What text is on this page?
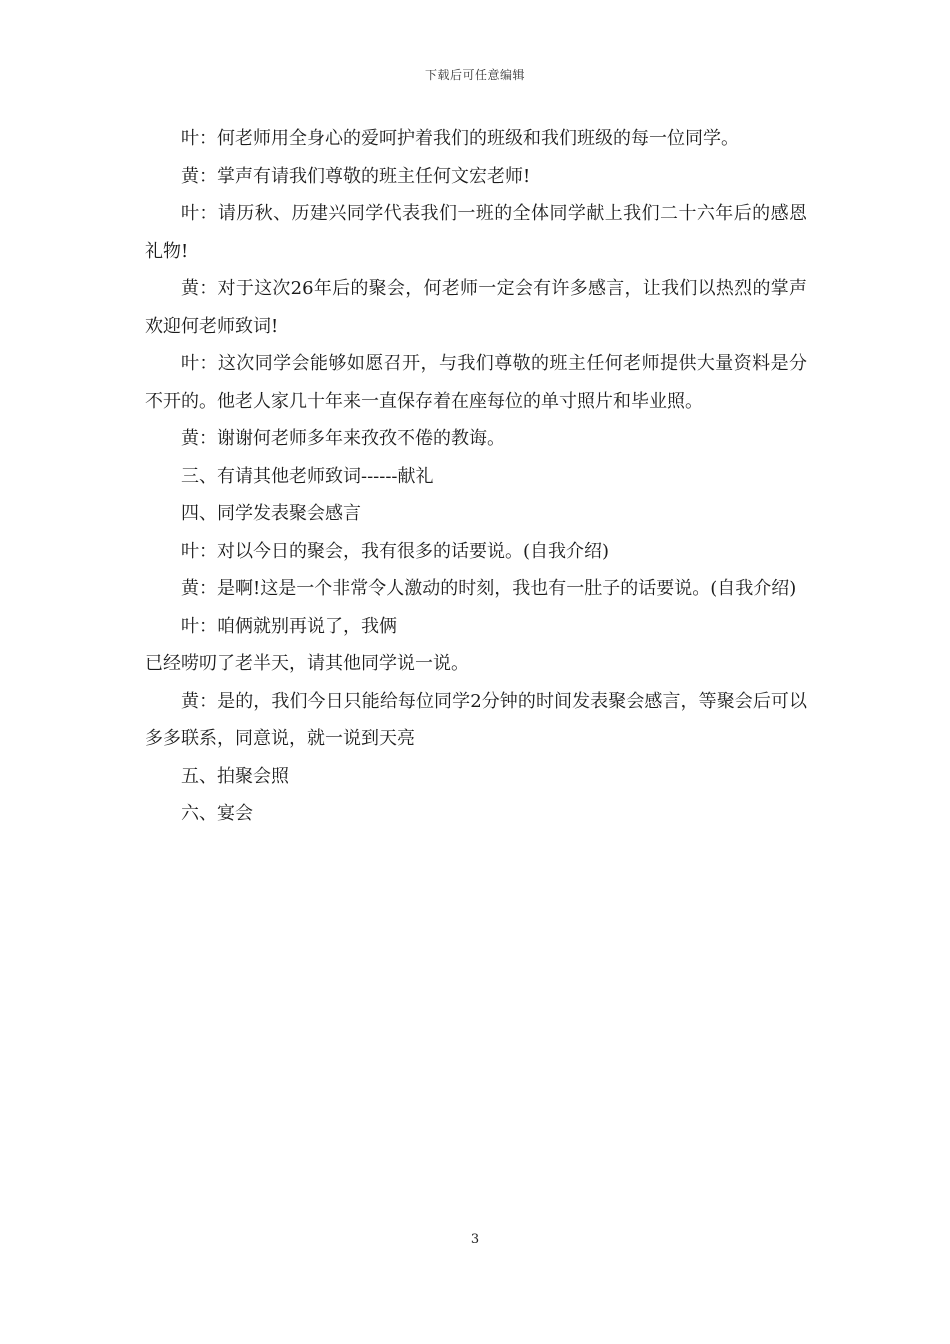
下载后可任意编辑

叶：何老师用全身心的爱呵护着我们的班级和我们班级的每一位同学。

黄：掌声有请我们尊敬的班主任何文宏老师!

叶：请历秋、历建兴同学代表我们一班的全体同学献上我们二十六年后的感恩礼物!

黄：对于这次26年后的聚会，何老师一定会有许多感言，让我们以热烈的掌声欢迎何老师致词!

叶：这次同学会能够如愿召开，与我们尊敬的班主任何老师提供大量资料是分不开的。他老人家几十年来一直保存着在座每位的单寸照片和毕业照。

黄：谢谢何老师多年来孜孜不倦的教诲。

三、有请其他老师致词------献礼

四、同学发表聚会感言

叶：对以今日的聚会，我有很多的话要说。(自我介绍)

黄：是啊!这是一个非常令人激动的时刻，我也有一肚子的话要说。(自我介绍)

叶：咱俩就别再说了，我俩

已经唠叨了老半天，请其他同学说一说。

黄：是的，我们今日只能给每位同学2分钟的时间发表聚会感言，等聚会后可以多多联系，同意说，就一说到天亮

五、拍聚会照

六、宴会

3
